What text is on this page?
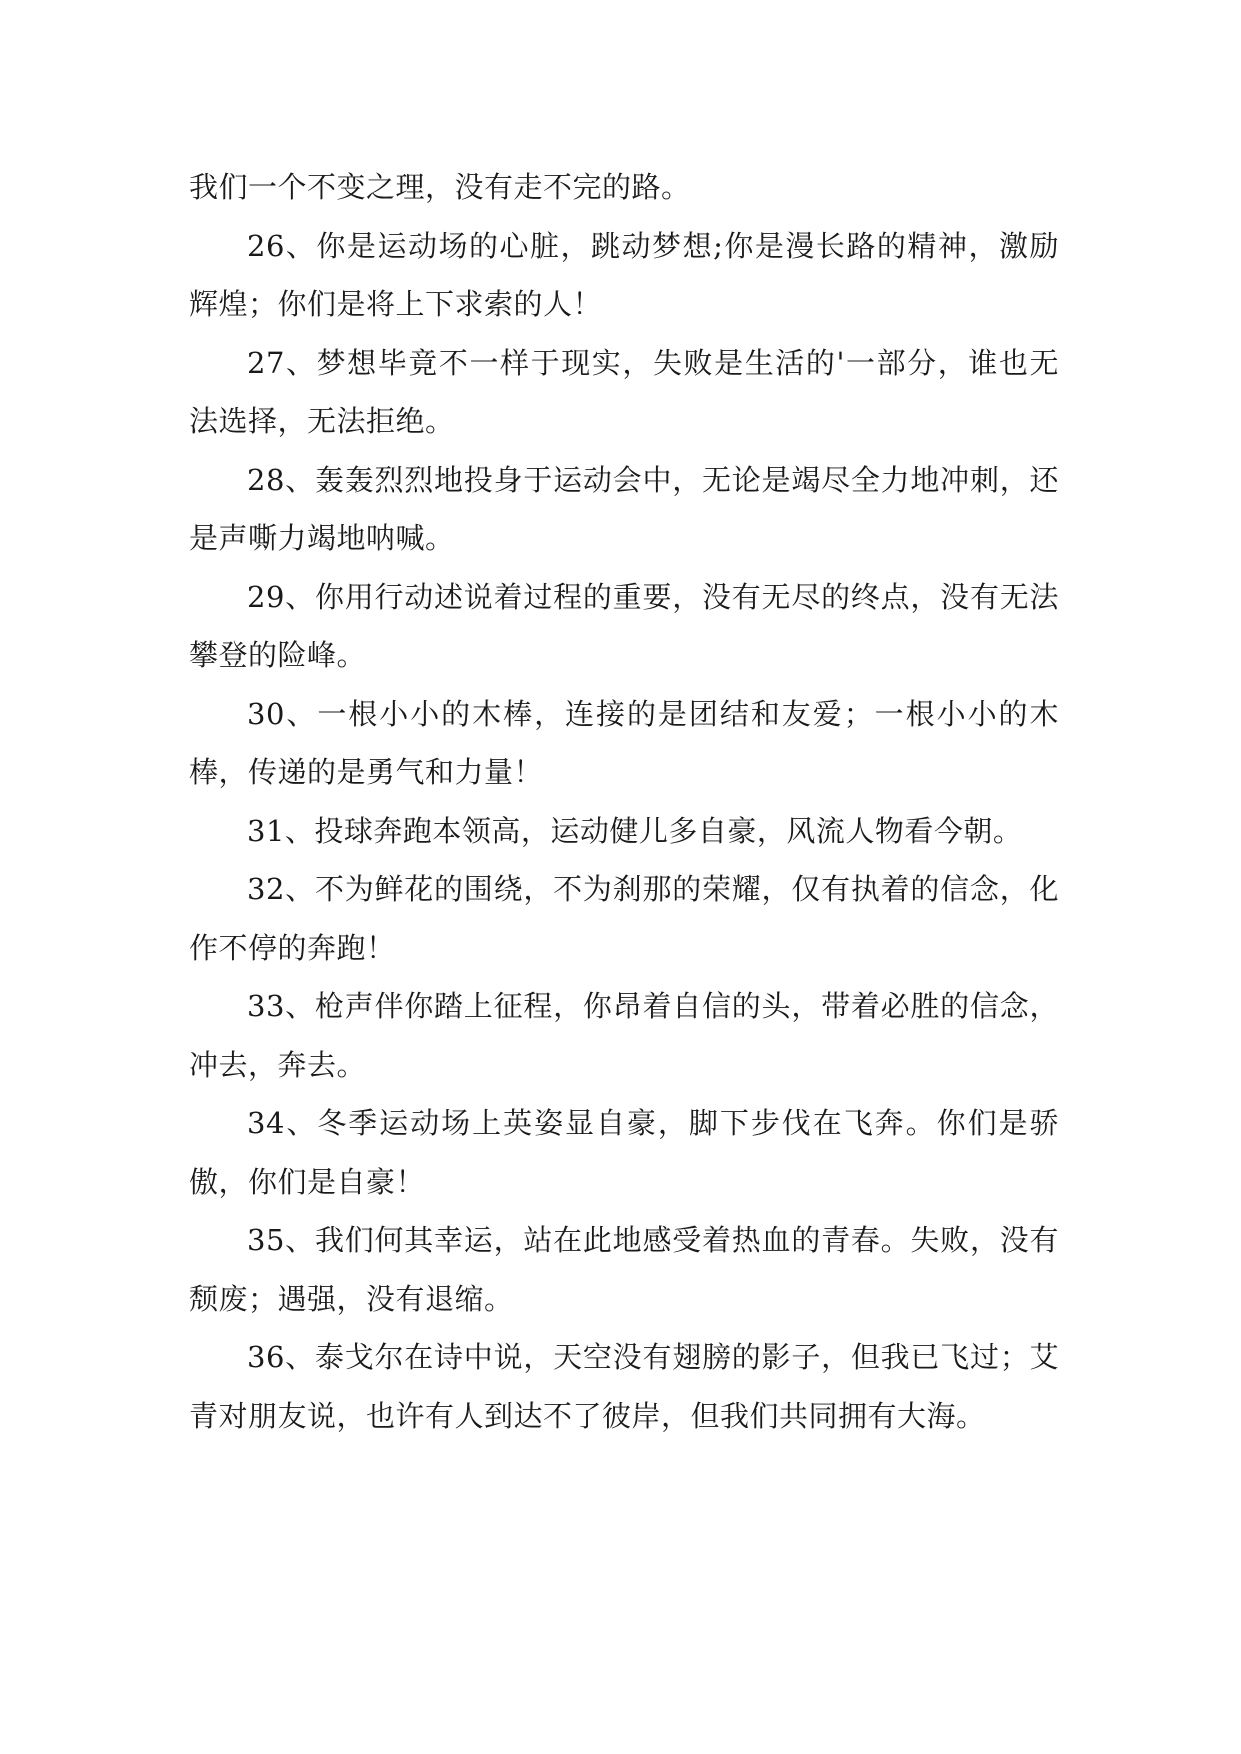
我们一个不变之理，没有走不完的路。

26、你是运动场的心脏，跳动梦想;你是漫长路的精神，激励辉煌；你们是将上下求索的人！

27、梦想毕竟不一样于现实，失败是生活的'一部分，谁也无法选择，无法拒绝。

28、轰轰烈烈地投身于运动会中，无论是竭尽全力地冲刺，还是声嘶力竭地呐喊。

29、你用行动述说着过程的重要，没有无尽的终点，没有无法攀登的险峰。

30、一根小小的木棒，连接的是团结和友爱；一根小小的木棒，传递的是勇气和力量！

31、投球奔跑本领高，运动健儿多自豪，风流人物看今朝。

32、不为鲜花的围绕，不为刹那的荣耀，仅有执着的信念，化作不停的奔跑！

33、枪声伴你踏上征程，你昂着自信的头，带着必胜的信念，冲去，奔去。

34、冬季运动场上英姿显自豪，脚下步伐在飞奔。你们是骄傲，你们是自豪！

35、我们何其幸运，站在此地感受着热血的青春。失败，没有颓废；遇强，没有退缩。

36、泰戈尔在诗中说，天空没有翅膀的影子，但我已飞过；艾青对朋友说，也许有人到达不了彼岸，但我们共同拥有大海。
